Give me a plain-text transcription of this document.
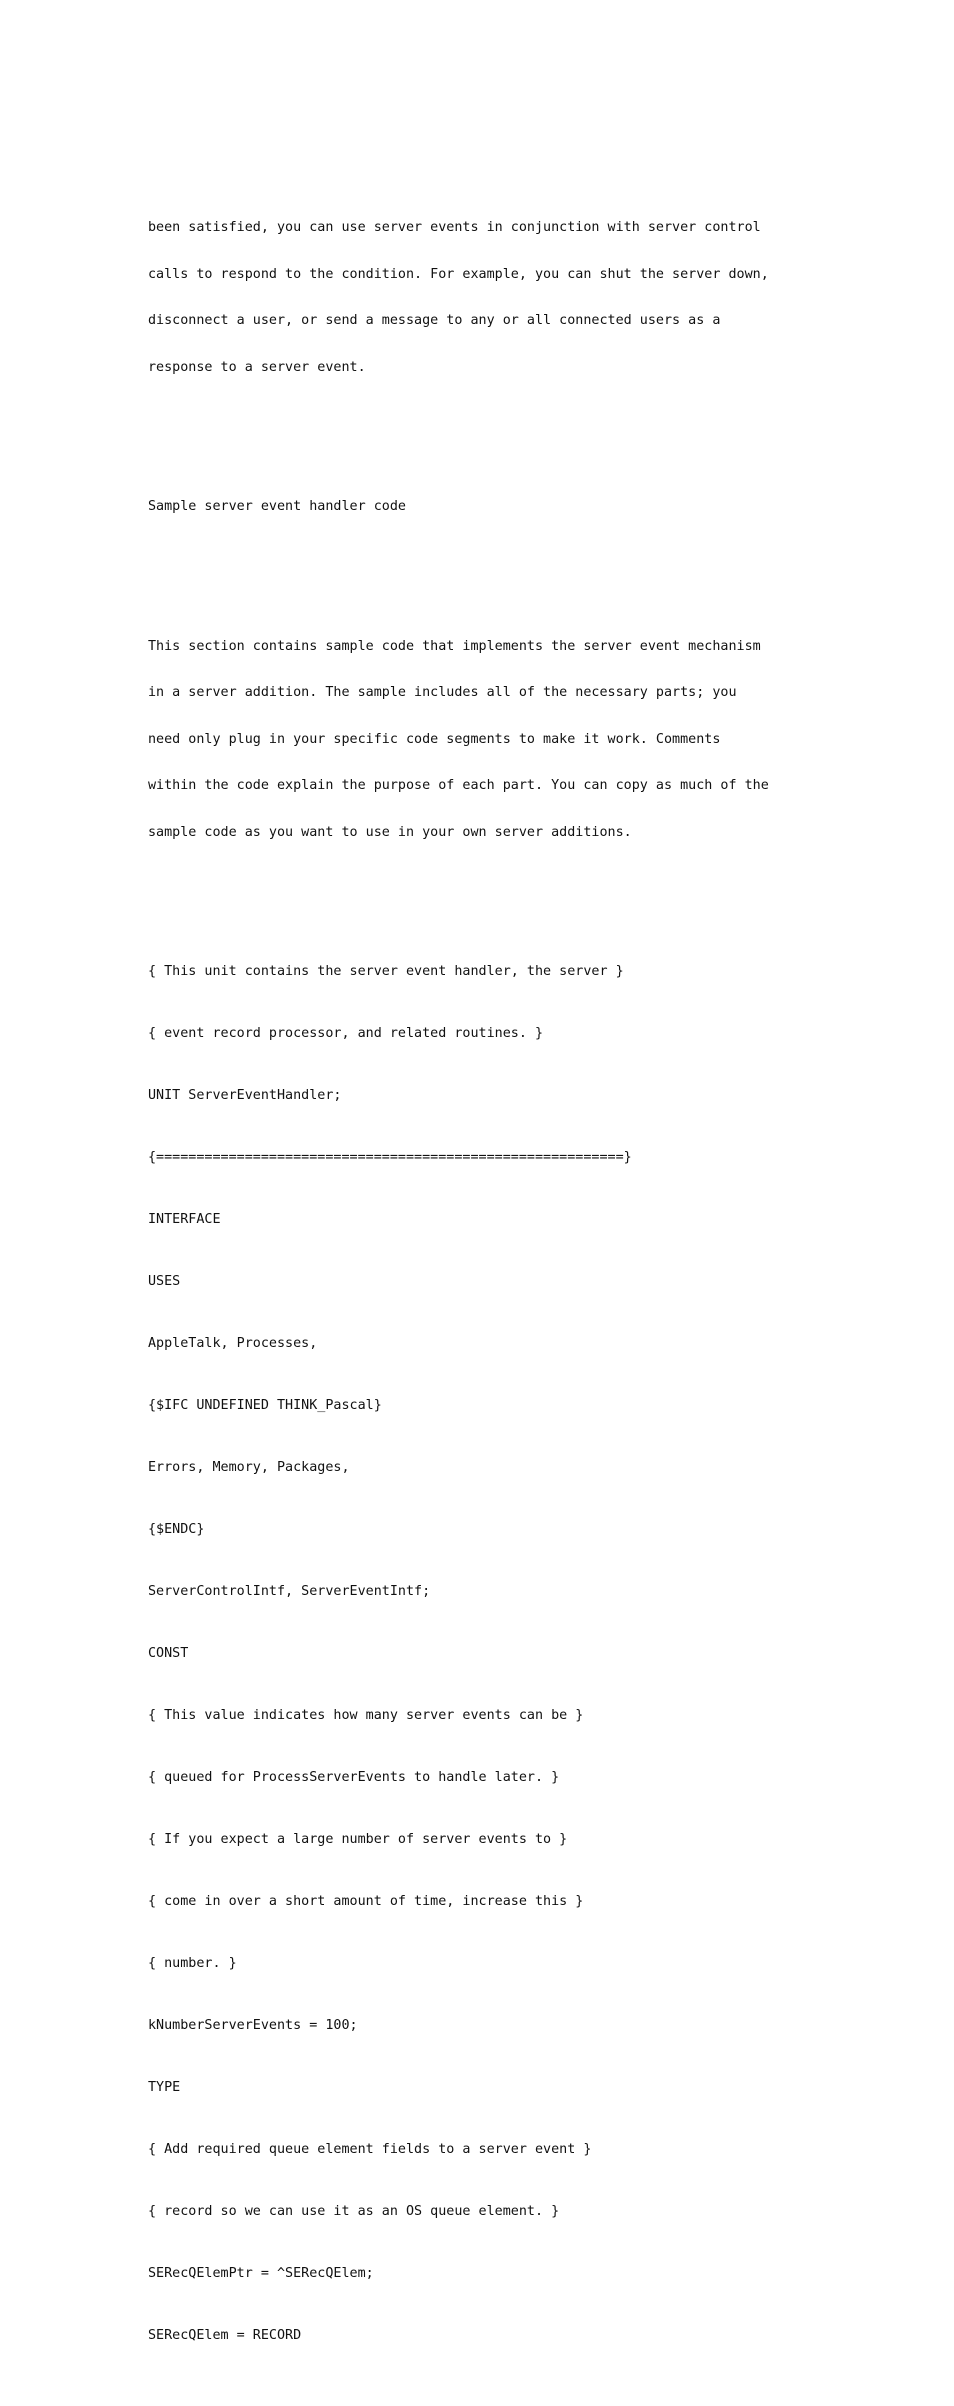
been satisfied, you can use server events in conjunction with server control

calls to respond to the condition. For example, you can shut the server down,

disconnect a user, or send a message to any or all connected users as a

response to a server event.

Sample server event handler code

This section contains sample code that implements the server event mechanism

in a server addition. The sample includes all of the necessary parts; you

need only plug in your specific code segments to make it work. Comments

within the code explain the purpose of each part. You can copy as much of the

sample code as you want to use in your own server additions.

{ This unit contains the server event handler, the server }

{ event record processor, and related routines. }

UNIT ServerEventHandler;

{==========================================================}

INTERFACE

USES

AppleTalk, Processes,

{$IFC UNDEFINED THINK_Pascal}

Errors, Memory, Packages,

{$ENDC}

ServerControlIntf, ServerEventIntf;

CONST

{ This value indicates how many server events can be }

{ queued for ProcessServerEvents to handle later. }

{ If you expect a large number of server events to }

{ come in over a short amount of time, increase this }

{ number. }

kNumberServerEvents = 100;

TYPE

{ Add required queue element fields to a server event }

{ record so we can use it as an OS queue element. }

SERecQElemPtr = ^SERecQElem;

SERecQElem = RECORD
